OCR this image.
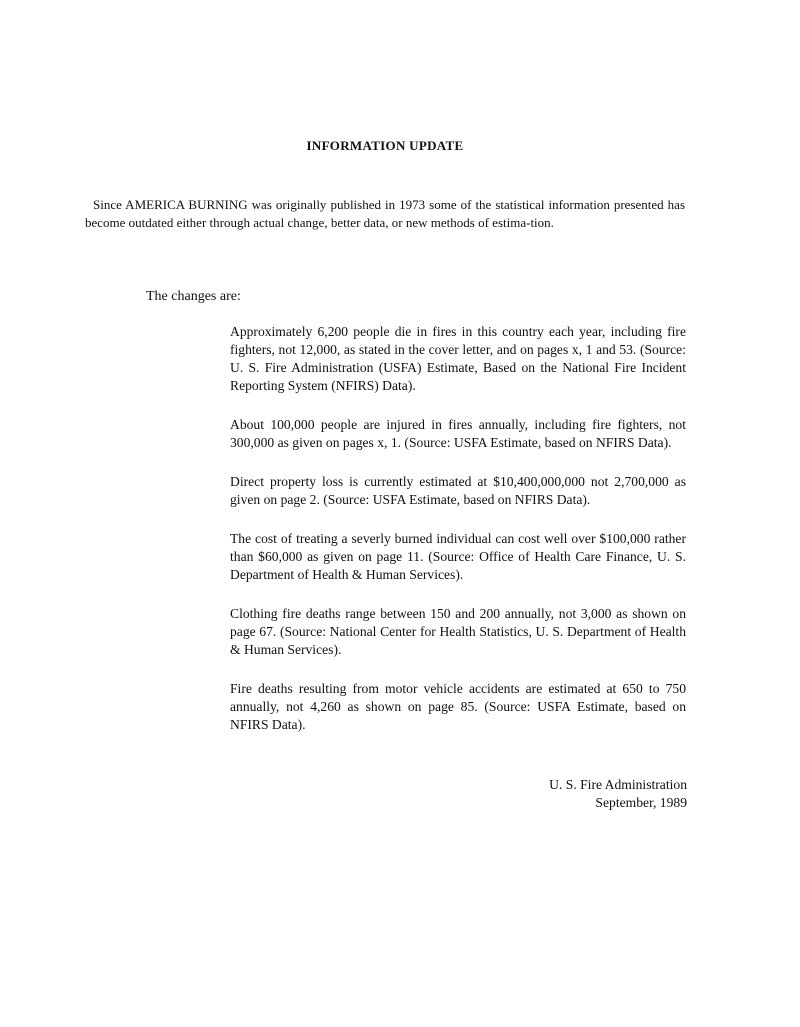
INFORMATION UPDATE

Since AMERICA BURNING was originally published in 1973 some of the statistical information presented has become outdated either through actual change, better data, or new methods of estima-tion.

The changes are:

Approximately 6,200 people die in fires in this country each year, including fire fighters, not 12,000, as stated in the cover letter, and on pages x, 1 and 53. (Source: U. S. Fire Administration (USFA) Estimate, Based on the National Fire Incident Reporting System (NFIRS) Data).
About 100,000 people are injured in fires annually, including fire fighters, not 300,000 as given on pages x, 1. (Source: USFA Estimate, based on NFIRS Data).
Direct property loss is currently estimated at $10,400,000,000 not 2,700,000 as given on page 2. (Source: USFA Estimate, based on NFIRS Data).
The cost of treating a severly burned individual can cost well over $100,000 rather than $60,000 as given on page 11. (Source: Office of Health Care Finance, U. S. Department of Health & Human Services).
Clothing fire deaths range between 150 and 200 annually, not 3,000 as shown on page 67. (Source: National Center for Health Statistics, U. S. Department of Health & Human Services).
Fire deaths resulting from motor vehicle accidents are estimated at 650 to 750 annually, not 4,260 as shown on page 85. (Source: USFA Estimate, based on NFIRS Data).
U. S. Fire Administration
September, 1989
